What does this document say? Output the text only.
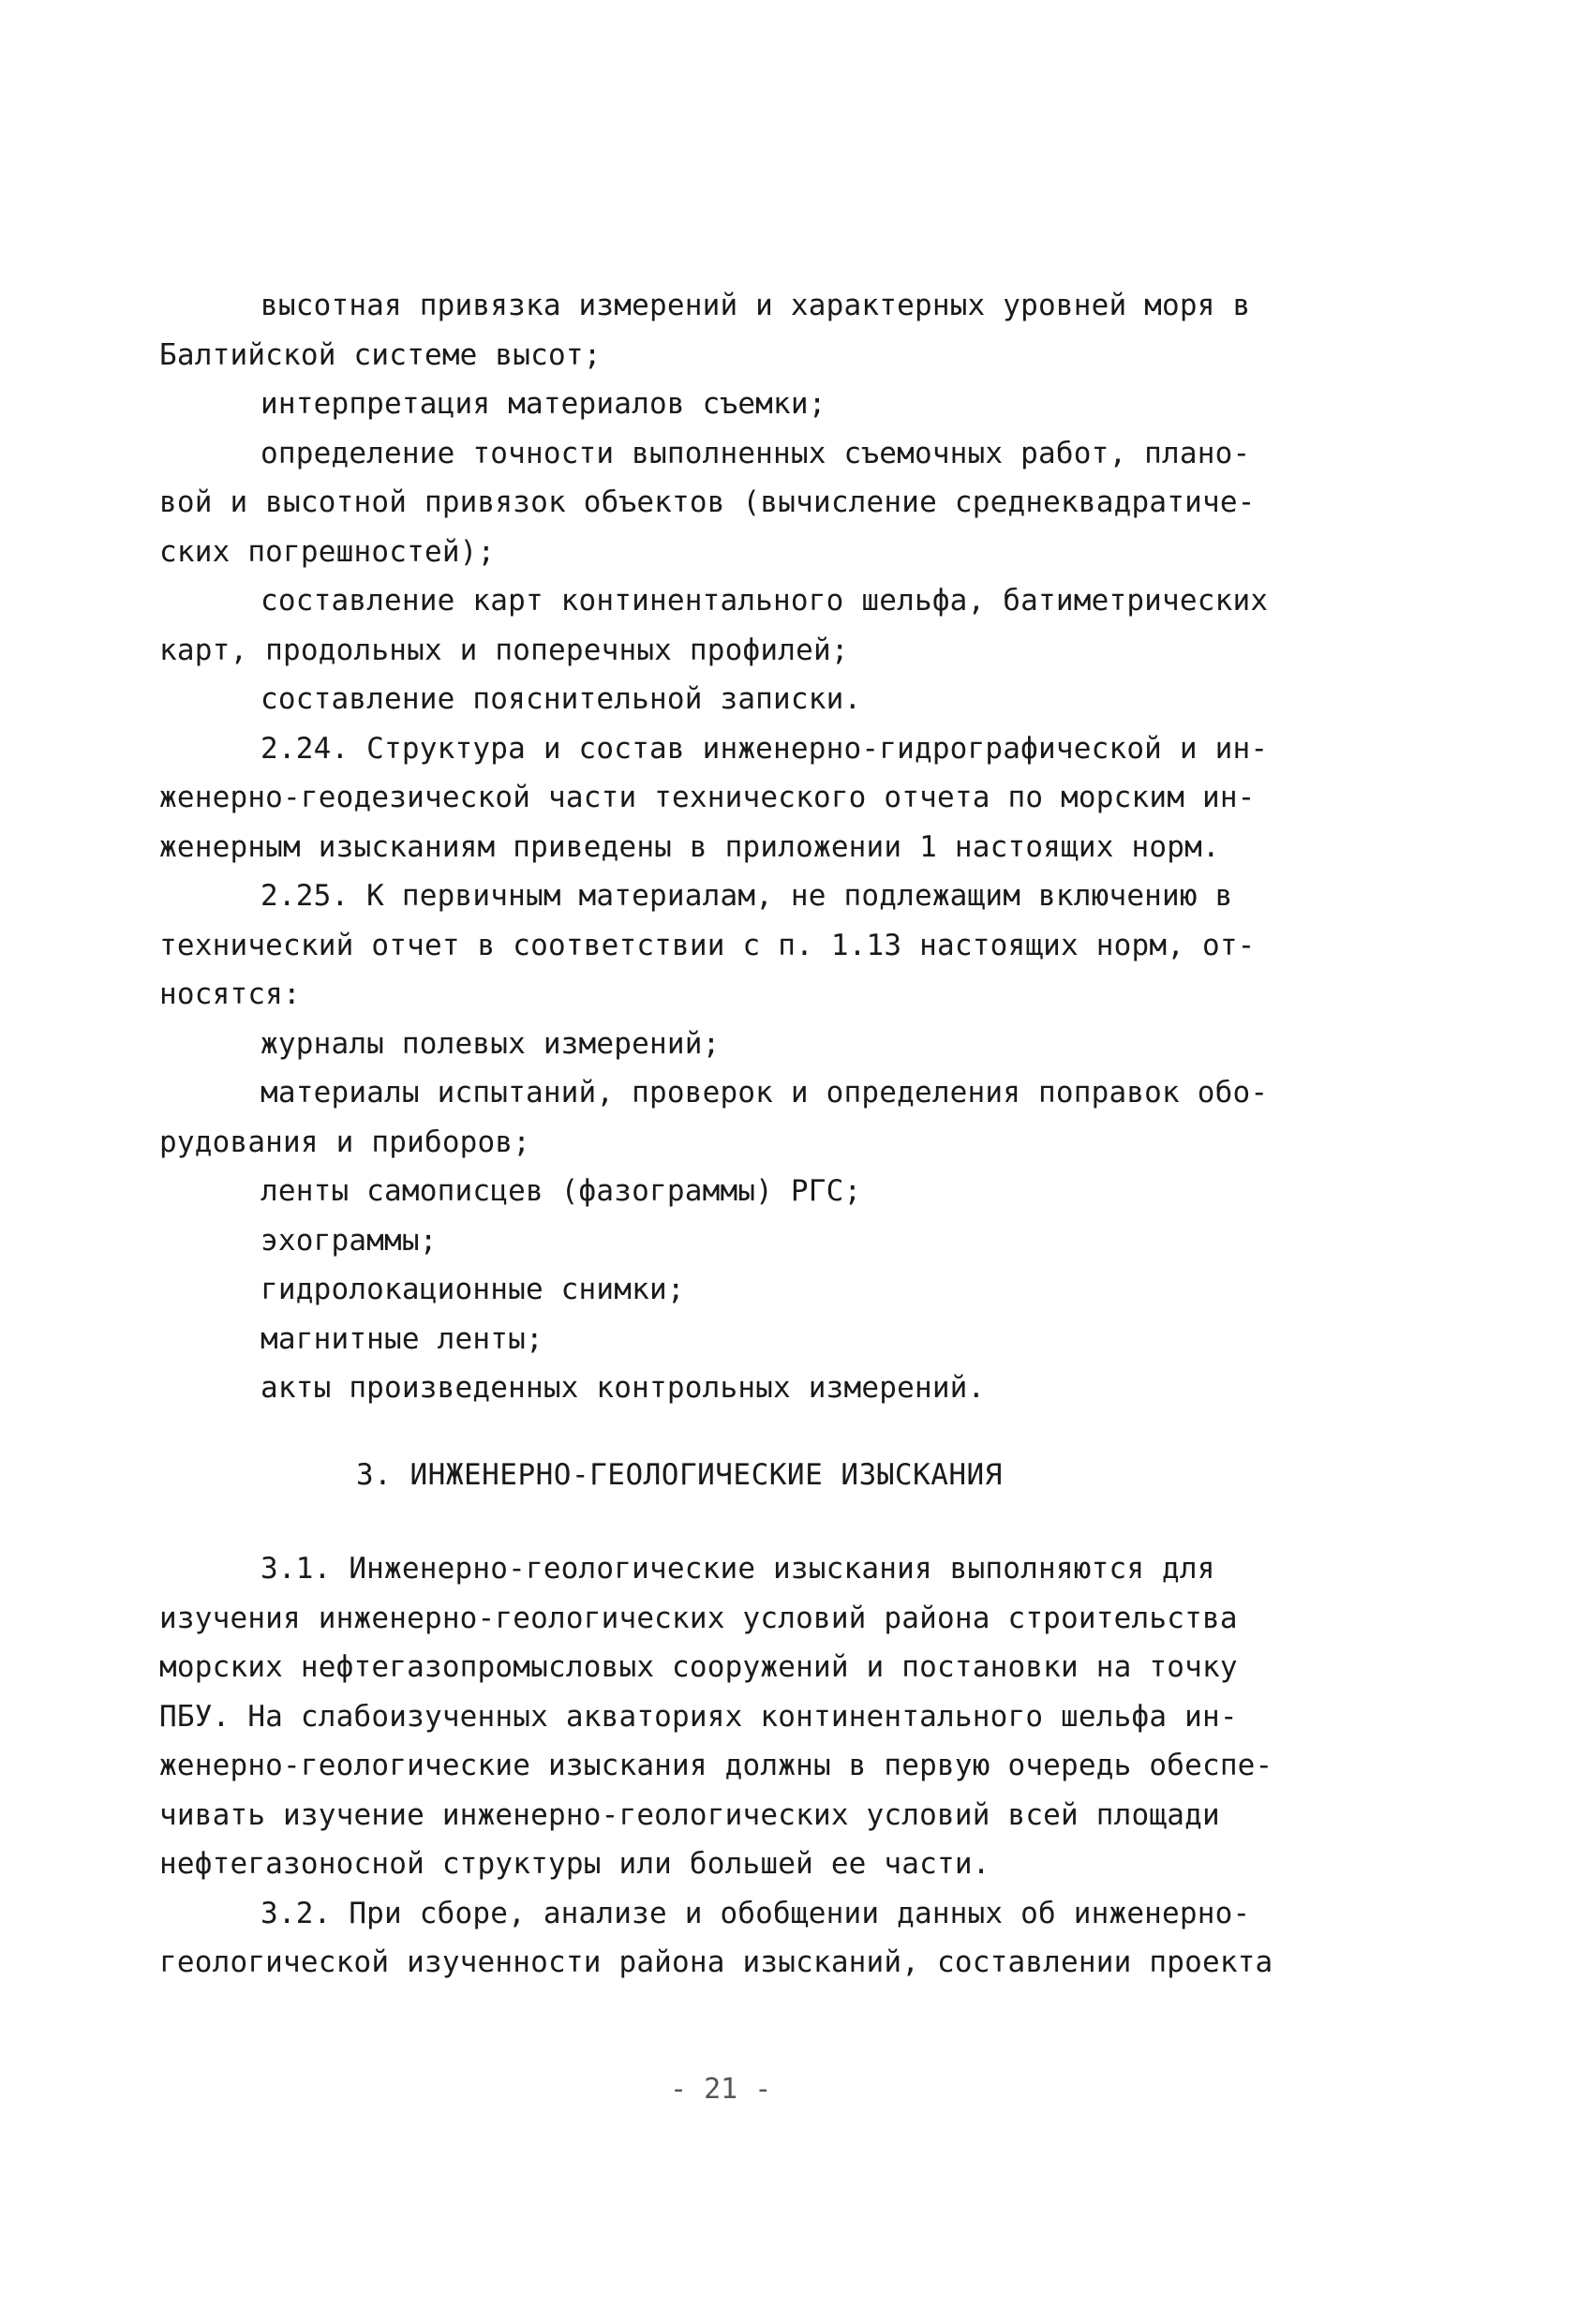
высотная привязка измерений и характерных уровней моря в
Балтийской системе высот;
интерпретация материалов съемки;
определение точности выполненных съемочных работ, плано-
вой и высотной привязок объектов (вычисление среднеквадратиче-
ских погрешностей);
составление карт континентального шельфа, батиметрических
карт, продольных и поперечных профилей;
составление пояснительной записки.
2.24. Структура и состав инженерно-гидрографической и ин-
женерно-геодезической части технического отчета по морским ин-
женерным изысканиям приведены в приложении 1 настоящих норм.
2.25. К первичным материалам, не подлежащим включению в
технический отчет в соответствии с п. 1.13 настоящих норм, от-
носятся:
журналы полевых измерений;
материалы испытаний, проверок и определения поправок обо-
рудования и приборов;
ленты самописцев (фазограммы) РГС;
эхограммы;
гидролокационные снимки;
магнитные ленты;
акты произведенных контрольных измерений.
3. ИНЖЕНЕРНО-ГЕОЛОГИЧЕСКИЕ ИЗЫСКАНИЯ
3.1. Инженерно-геологические изыскания выполняются для
изучения инженерно-геологических условий района строительства
морских нефтегазопромысловых сооружений и постановки на точку
ПБУ. На слабоизученных акваториях континентального шельфа ин-
женерно-геологические изыскания должны в первую очередь обеспе-
чивать изучение инженерно-геологических условий всей площади
нефтегазоносной структуры или большей ее части.
3.2. При сборе, анализе и обобщении данных об инженерно-
геологической изученности района изысканий, составлении проекта
- 21 -
